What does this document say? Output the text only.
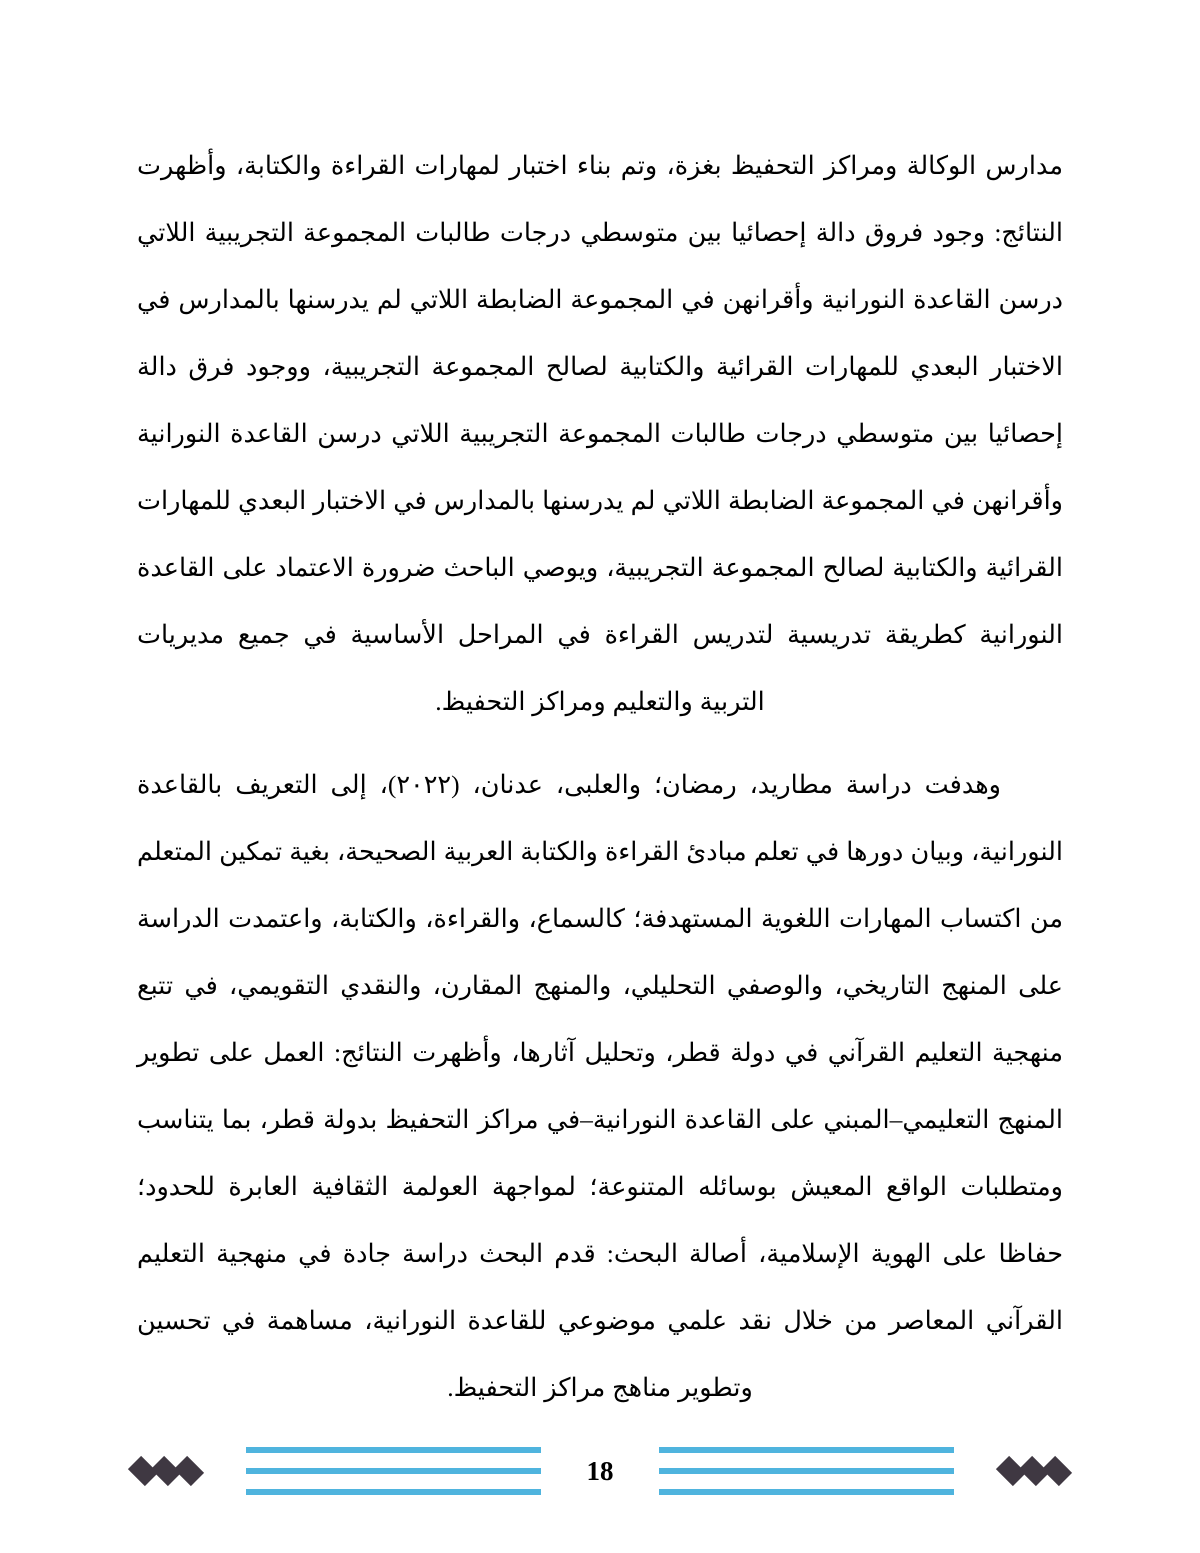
مدارس الوكالة ومراكز التحفيظ بغزة، وتم بناء اختبار لمهارات القراءة والكتابة، وأظهرت النتائج: وجود فروق دالة إحصائيا بين متوسطي درجات طالبات المجموعة التجريبية اللاتي درسن القاعدة النورانية وأقرانهن في المجموعة الضابطة اللاتي لم يدرسنها بالمدارس في الاختبار البعدي للمهارات القرائية والكتابية لصالح المجموعة التجريبية، ووجود فرق دالة إحصائيا بين متوسطي درجات طالبات المجموعة التجريبية اللاتي درسن القاعدة النورانية وأقرانهن في المجموعة الضابطة اللاتي لم يدرسنها بالمدارس في الاختبار البعدي للمهارات القرائية والكتابية لصالح المجموعة التجريبية، ويوصي الباحث ضرورة الاعتماد على القاعدة النورانية كطريقة تدريسية لتدريس القراءة في المراحل الأساسية في جميع مديريات التربية والتعليم ومراكز التحفيظ.

وهدفت دراسة مطاريد، رمضان؛ والعلبى، عدنان، (٢٠٢٢)، إلى التعريف بالقاعدة النورانية، وبيان دورها في تعلم مبادئ القراءة والكتابة العربية الصحيحة، بغية تمكين المتعلم من اكتساب المهارات اللغوية المستهدفة؛ كالسماع، والقراءة، والكتابة، واعتمدت الدراسة على المنهج التاريخي، والوصفي التحليلي، والمنهج المقارن، والنقدي التقويمي، في تتبع منهجية التعليم القرآني في دولة قطر، وتحليل آثارها، وأظهرت النتائج: العمل على تطوير المنهج التعليمي–المبني على القاعدة النورانية–في مراكز التحفيظ بدولة قطر، بما يتناسب ومتطلبات الواقع المعيش بوسائله المتنوعة؛ لمواجهة العولمة الثقافية العابرة للحدود؛ حفاظا على الهوية الإسلامية، أصالة البحث: قدم البحث دراسة جادة في منهجية التعليم القرآني المعاصر من خلال نقد علمي موضوعي للقاعدة النورانية، مساهمة في تحسين وتطوير مناهج مراكز التحفيظ.

18
